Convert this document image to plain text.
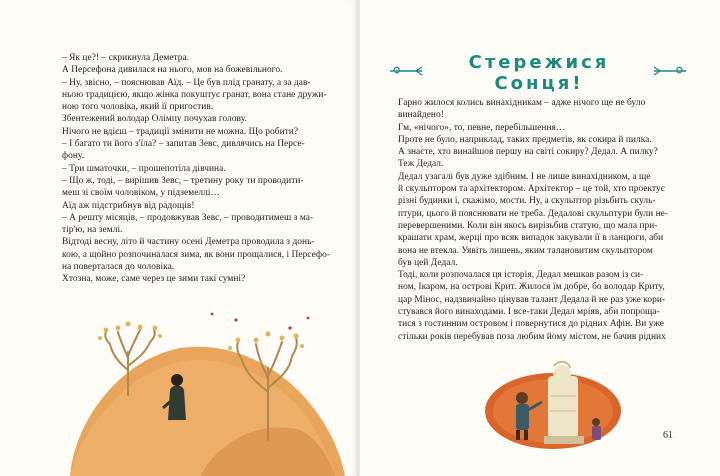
– Як це?! – скрикнула Деметра.

А Персефона дивилася на нього, мов на божевільного.

– Ну, звісно, – пояснював Аїд. – Це був плід гранату, а за дав-

ньою традицією, якщо жінка покуштує гранат, вона стане дружи-

ною того чоловіка, який її пригостив.

Збентежений володар Олімпу почухав голову.

Нічого не вдієш – традиції змінити не можна. Що робити?

– І багато ти його з'їла? – запитав Зевс, дивлячись на Персе-

фону.

– Три шматочки, – прошепотіла дівчина.

– Що ж, тоді, – вирішив Зевс, – третину року ти проводити-

меш зі своїм чоловіком, у підземеллі…

Аїд аж підстрибнув від радощів!

– А решту місяців, – продовжував Зевс, – проводитимеш з ма-

тір'ю, на землі.

Відтоді весну, літо й частину осені Деметра проводила з донь-

кою, а щойно розпочиналася зима, як вони прощалися, і Персефо-

на поверталася до чоловіка.

Хтозна, може, саме через це зими такі сумні?

Стережися Сонця!

Гарно жилося колись винахідникам – адже нічого ще не було

винайдено!

Гм, «нічого», то, певне, перебільшення…

Проте не було, наприклад, таких предметів, як сокира й пилка.

А знаєте, хто винайшов першу на світі сокиру? Дедал. А пилку?

Теж Дедал.

Дедал узагалі був дуже здібним. І не лише винахідником, а ще

й скульптором та архітектором. Архітектор – це той, хто проектує

різні будинки і, скажімо, мости. Ну, а скульптор різьбить скуль-

птури, цього й пояснювати не треба. Дедалові скульптури були не-

перевершеними. Коли він якось вирізьбив статую, що мала при-

крашати храм, жерці про всяк випадок закували її в ланцюги, аби

вона не втекла. Уявіть лишень, яким талановитим скульптором

був цей Дедал.

Тоді, коли розпочалася ця історія, Дедал мешкав разом із си-

ном, Ікаром, на острові Крит. Жилося їм добре, бо володар Криту,

цар Мінос, надзвичайно цінував талант Дедала й не раз уже кори-

стувався його винаходами. І все-таки Дедал мріяв, аби попроща-

тися з гостинним островом і повернутися до рідних Афін. Ви уже

стільки років перебував поза любим йому містом, не бачив рідних

61
